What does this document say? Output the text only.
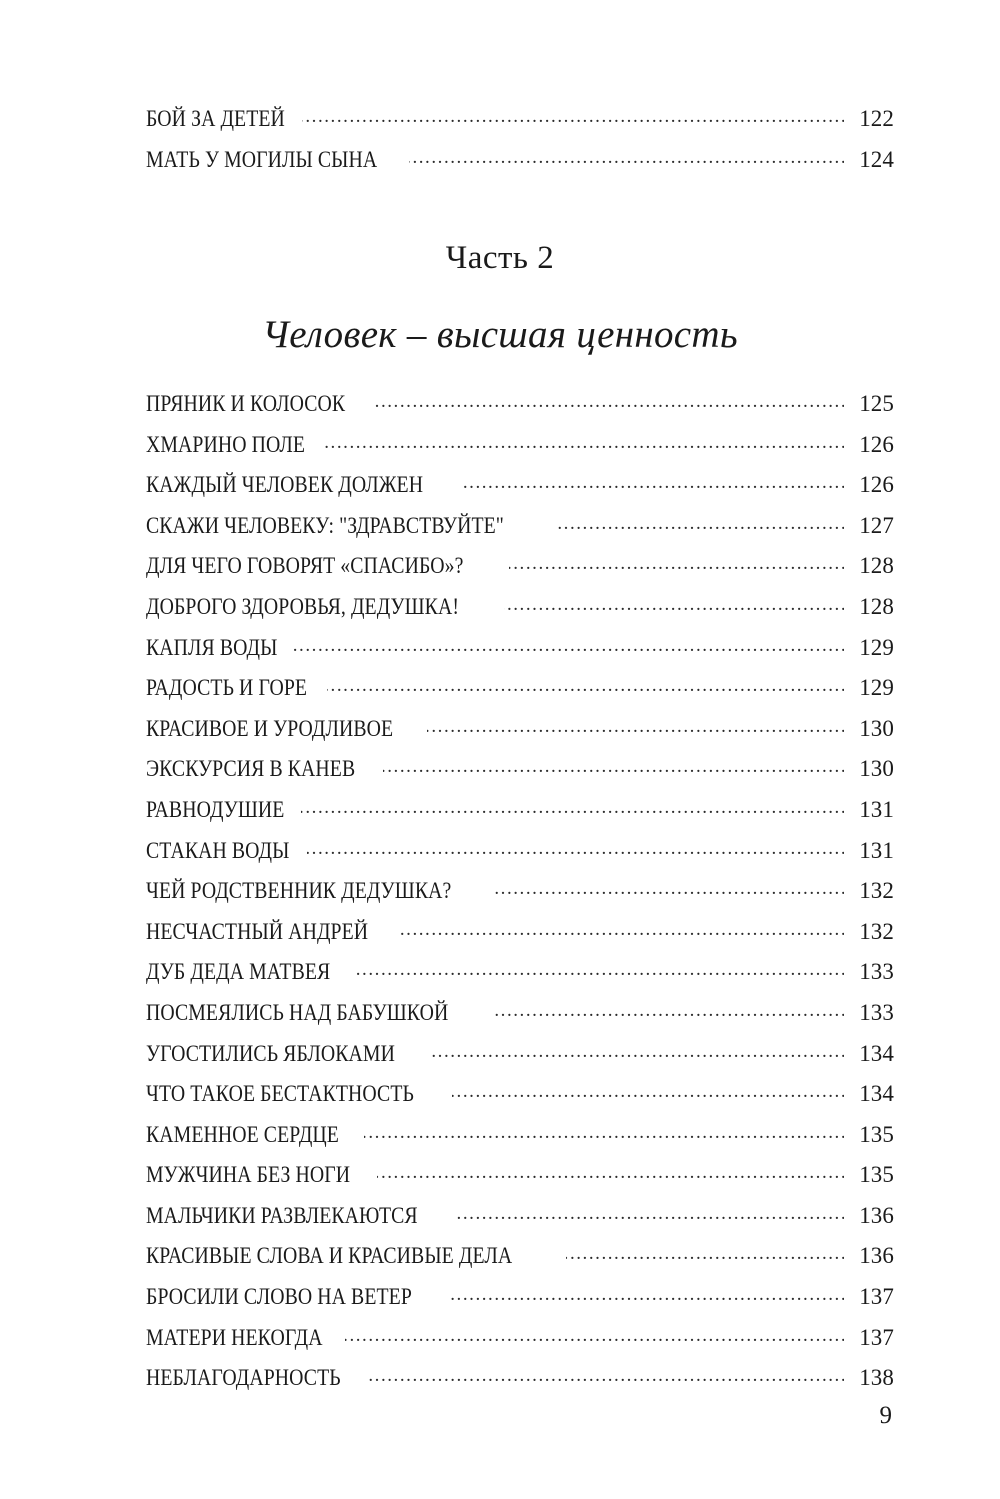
БОЙ ЗА ДЕТЕЙ . . .	122
МАТЬ У МОГИЛЫ СЫНА . . .	124
Часть 2
Человек – высшая ценность
ПРЯНИК И КОЛОСОК . . .	125
ХМАРИНО ПОЛЕ . . .	126
КАЖДЫЙ ЧЕЛОВЕК ДОЛЖЕН . . .	126
СКАЖИ ЧЕЛОВЕКУ: "ЗДРАВСТВУЙТЕ" . . .	127
ДЛЯ ЧЕГО ГОВОРЯТ «СПАСИБО»? . . .	128
ДОБРОГО ЗДОРОВЬЯ, ДЕДУШКА! . . .	128
КАПЛЯ ВОДЫ . . .	129
РАДОСТЬ И ГОРЕ . . .	129
КРАСИВОЕ И УРОДЛИВОЕ . . .	130
ЭКСКУРСИЯ В КАНЕВ . . .	130
РАВНОДУШИЕ . . .	131
СТАКАН ВОДЫ . . .	131
ЧЕЙ РОДСТВЕННИК ДЕДУШКА? . . .	132
НЕСЧАСТНЫЙ АНДРЕЙ . . .	132
ДУБ ДЕДА МАТВЕЯ . . .	133
ПОСМЕЯЛИСЬ НАД БАБУШКОЙ . . .	133
УГОСТИЛИСЬ ЯБЛОКАМИ . . .	134
ЧТО ТАКОЕ БЕСТАКТНОСТЬ . . .	134
КАМЕННОЕ СЕРДЦЕ . . .	135
МУЖЧИНА БЕЗ НОГИ . . .	135
МАЛЬЧИКИ РАЗВЛЕКАЮТСЯ . . .	136
КРАСИВЫЕ СЛОВА И КРАСИВЫЕ ДЕЛА . . .	136
БРОСИЛИ СЛОВО НА ВЕТЕР . . .	137
МАТЕРИ НЕКОГДА . . .	137
НЕБЛАГОДАРНОСТЬ . . .	138
9
